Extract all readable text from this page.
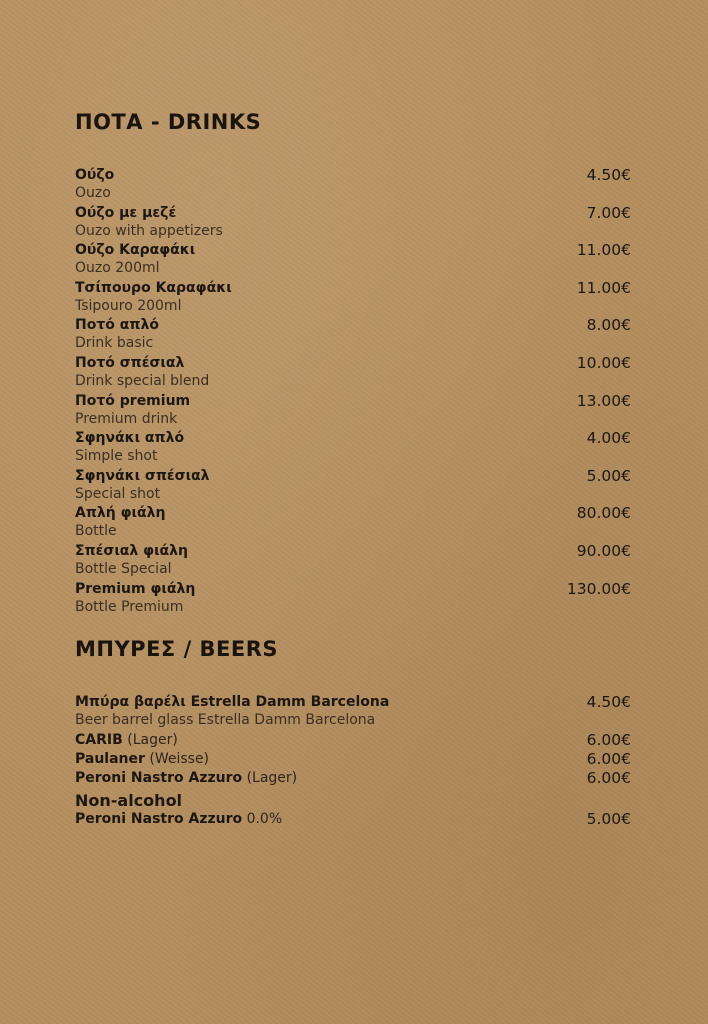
ΠΟΤΑ - DRINKS
Ούζο
Ouzo
4.50€
Ούζο με μεζέ
Ouzo with appetizers
7.00€
Ούζο Καραφάκι
Ouzo 200ml
11.00€
Τσίπουρο Καραφάκι
Tsipouro 200ml
11.00€
Ποτό απλό
Drink basic
8.00€
Ποτό σπέσιαλ
Drink special blend
10.00€
Ποτό premium
Premium drink
13.00€
Σφηνάκι απλό
Simple shot
4.00€
Σφηνάκι σπέσιαλ
Special shot
5.00€
Απλή φιάλη
Bottle
80.00€
Σπέσιαλ φιάλη
Bottle Special
90.00€
Premium φιάλη
Bottle Premium
130.00€
ΜΠΥΡΕΣ / BEERS
Μπύρα βαρέλι Estrella Damm Barcelona
Beer barrel glass Estrella Damm Barcelona
4.50€
CARIB (Lager)	6.00€
Paulaner (Weisse)	6.00€
Peroni Nastro Azzuro (Lager)	6.00€
Non-alcohol
Peroni Nastro Azzuro 0.0%	5.00€
